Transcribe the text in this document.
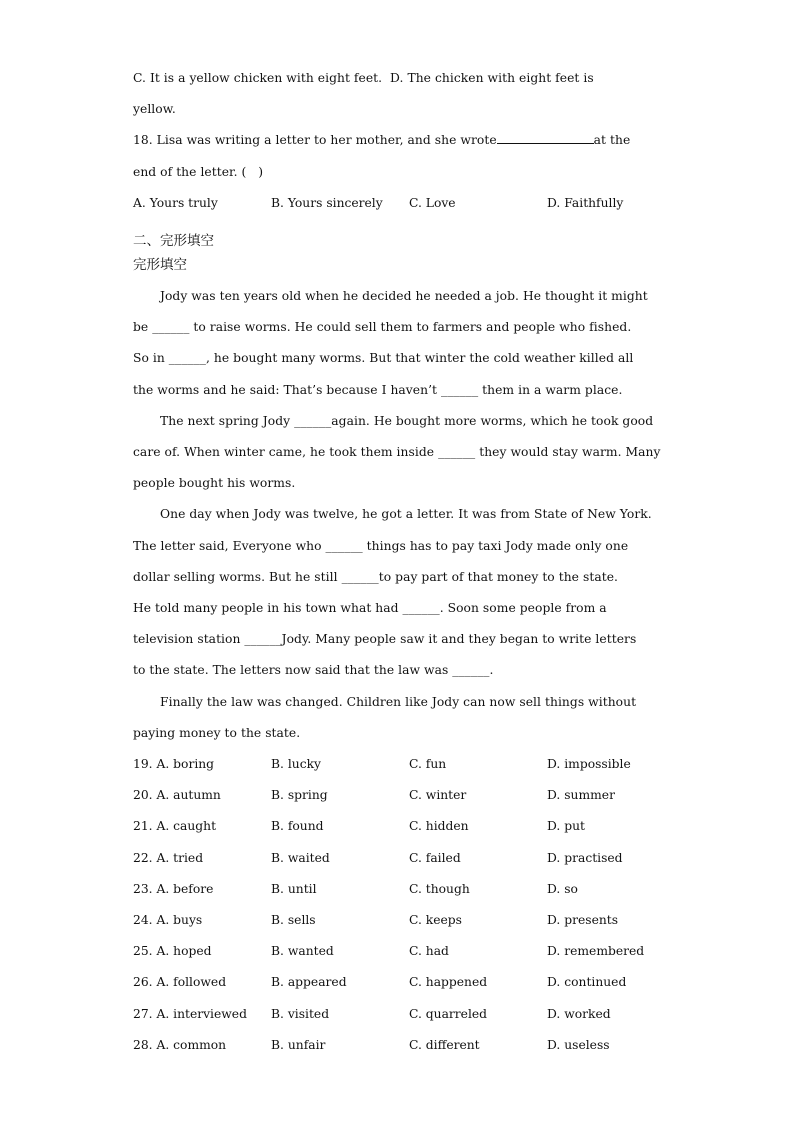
C. It is a yellow chicken with eight feet.  D. The chicken with eight feet is
yellow.
18. Lisa was writing a letter to her mother, and she wrote	at the
end of the letter. (   )
A. Yours truly	B. Yours sincerely	C. Love	D. Faithfully
二、完形填空
完形填空
Jody was ten years old when he decided he needed a job. He thought it might
be ______ to raise worms. He could sell them to farmers and people who fished.
So in ______, he bought many worms. But that winter the cold weather killed all
the worms and he said: That’s because I haven’t ______ them in a warm place.
The next spring Jody ______again. He bought more worms, which he took good
care of. When winter came, he took them inside ______ they would stay warm. Many
people bought his worms.
One day when Jody was twelve, he got a letter. It was from State of New York.
The letter said, Everyone who ______ things has to pay taxi Jody made only one
dollar selling worms. But he still ______to pay part of that money to the state.
He told many people in his town what had ______. Soon some people from a
television station ______Jody. Many people saw it and they began to write letters
to the state. The letters now said that the law was ______.
Finally the law was changed. Children like Jody can now sell things without
paying money to the state.
19. A. boring	B. lucky	C. fun	D. impossible
20. A. autumn	B. spring	C. winter	D. summer
21. A. caught	B. found	C. hidden	D. put
22. A. tried	B. waited	C. failed	D. practised
23. A. before	B. until	C. though	D. so
24. A. buys	B. sells	C. keeps	D. presents
25. A. hoped	B. wanted	C. had	D. remembered
26. A. followed	B. appeared	C. happened	D. continued
27. A. interviewed	B. visited	C. quarreled	D. worked
28. A. common	B. unfair	C. different	D. useless
